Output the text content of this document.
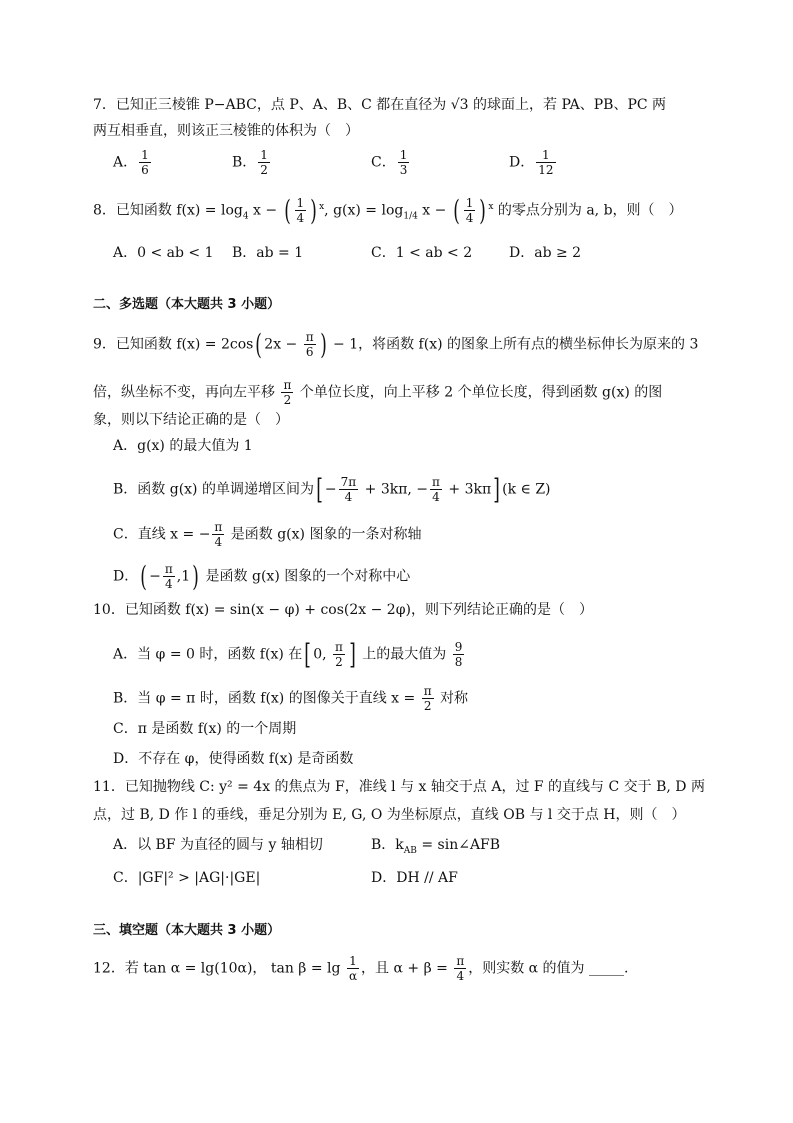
7．已知正三棱锥 P−ABC，点 P、A、B、C 都在直径为 √3 的球面上，若 PA、PB、PC 两
两互相垂直，则该正三棱锥的体积为（　）
A． $\frac{1}{6}$	B． $\frac{1}{2}$	C． $\frac{1}{3}$	D． $\frac{1}{12}$
8．已知函数 $f(x) = \log_4 x$ − ( $\frac{1}{4}$ ) $^x$, $g(x) = \log_{1/4} x$ − ( $\frac{1}{4}$ ) $^x$ 的零点分别为 a, b，则（　）
A．0 < ab < 1 B．ab = 1	C．1 < ab < 2	D．ab ≥ 2
二、多选题（本大题共 3 小题）
9．已知函数 f(x) = 2cos( $2x - \frac{\pi}{6}$ ) − 1，将函数 f(x) 的图象上所有点的横坐标伸长为原来的 3
倍，纵坐标不变，再向左平移 $\frac{\pi}{2}$ 个单位长度，向上平移 2 个单位长度，得到函数 g(x) 的图
象，则以下结论正确的是（　）
A．g(x) 的最大值为 1
B．函数 g(x) 的单调递增区间为[ − $\frac{7\pi}{4} + 3k\pi$, − $\frac{\pi}{4} + 3k\pi$] (k ∈ Z)
C．直线 x = − $\frac{\pi}{4}$ 是函数 g(x) 图象的一条对称轴
D．( − $\frac{\pi}{4} ,1$) 是函数 g(x) 图象的一个对称中心
10．已知函数 f(x) = sin(x − φ) + cos(2x − 2φ)，则下列结论正确的是（　）
A．当 φ = 0 时，函数 f(x) 在[ 0, $\frac{\pi}{2}$ ] 上的最大值为 $\frac{9}{8}$
B．当 φ = π 时，函数 f(x) 的图像关于直线 $x = \frac{\pi}{2}$ 对称
C．π 是函数 f(x) 的一个周期
D．不存在 φ，使得函数 f(x) 是奇函数
11．已知抛物线 C: y² = 4x 的焦点为 F，准线 l 与 x 轴交于点 A，过 F 的直线与 C 交于 B, D 两
点，过 B, D 作 l 的垂线，垂足分别为 E, G, O 为坐标原点，直线 OB 与 l 交于点 H，则（　）
A．以 BF 为直径的圆与 y 轴相切	B．$k_{AB}$ = sin∠AFB
C．|GF|² > |AG|·|GE|	D．DH // AF
三、填空题（本大题共 3 小题）
12．若 tan α = lg(10α)， $\tan \beta = \lg \frac{1}{\alpha}$ ，且 $\alpha + \beta = \frac{\pi}{4}$ ，则实数 α 的值为 _____.
